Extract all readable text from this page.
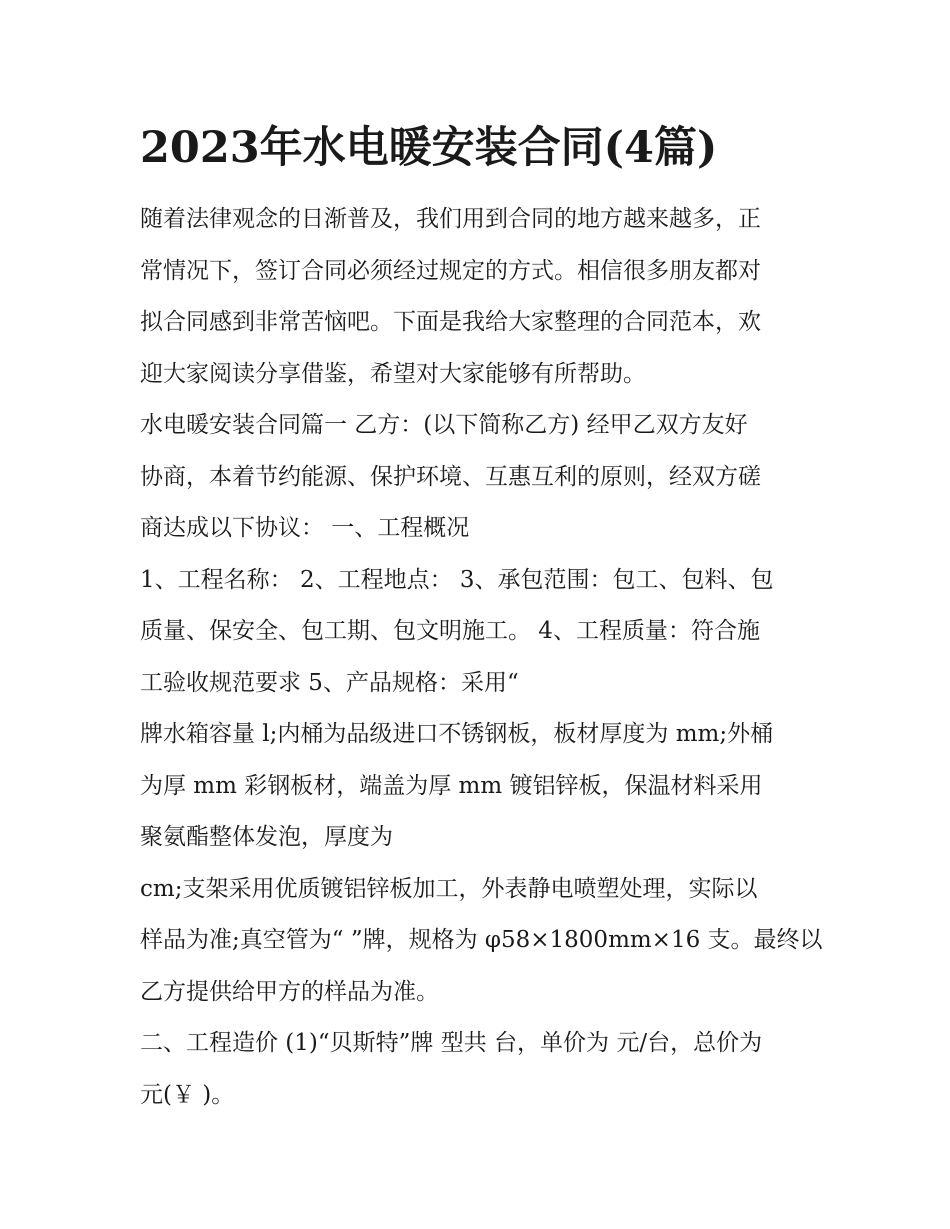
2023年水电暖安装合同(4篇)

随着法律观念的日渐普及，我们用到合同的地方越来越多，正
常情况下，签订合同必须经过规定的方式。相信很多朋友都对
拟合同感到非常苦恼吧。下面是我给大家整理的合同范本，欢
迎大家阅读分享借鉴，希望对大家能够有所帮助。

水电暖安装合同篇一 乙方：(以下简称乙方) 经甲乙双方友好
协商，本着节约能源、保护环境、互惠互利的原则，经双方磋
商达成以下协议： 一、工程概况

1、工程名称： 2、工程地点： 3、承包范围：包工、包料、包
质量、保安全、包工期、包文明施工。 4、工程质量：符合施
工验收规范要求 5、产品规格：采用“

牌水箱容量 l;内桶为品级进口不锈钢板，板材厚度为 mm;外桶
为厚 mm 彩钢板材，端盖为厚 mm 镀铝锌板，保温材料采用
聚氨酯整体发泡，厚度为

cm;支架采用优质镀铝锌板加工，外表静电喷塑处理，实际以
样品为准;真空管为“ ”牌，规格为 φ58×1800mm×16 支。最终以
乙方提供给甲方的样品为准。

二、工程造价 (1)“贝斯特”牌 型共 台，单价为 元/台，总价为
元(￥ )。
